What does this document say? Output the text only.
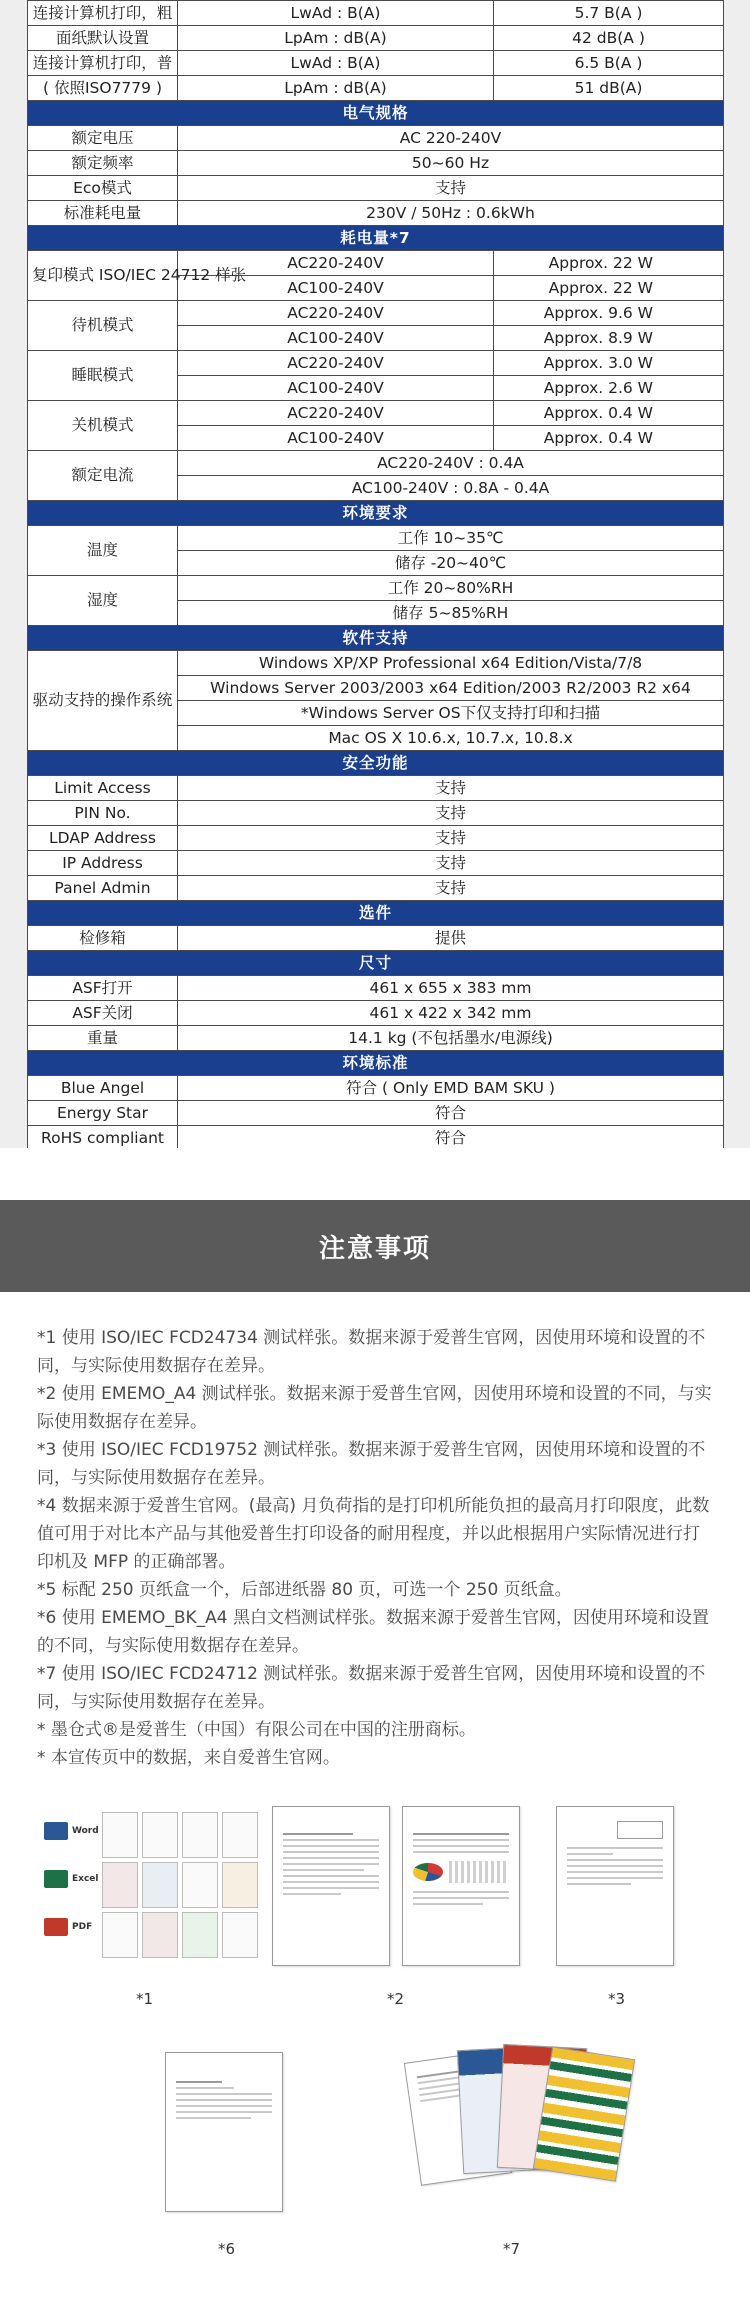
连接计算机打印，粗	LwAd : B(A)	5.7 B(A )
面纸默认设置	LpAm : dB(A)	42 dB(A )
连接计算机打印，普	LwAd : B(A)	6.5 B(A )
( 依照ISO7779 )	LpAm : dB(A)	51 dB(A)
电气规格		
额定电压	AC 220-240V	
额定频率	50~60 Hz	
Eco模式	支持	
标准耗电量	230V / 50Hz : 0.6kWh	
耗电量*7		
复印模式 ISO/IEC 24712 样张	AC220-240V	Approx. 22 W
	AC100-240V	Approx. 22 W
待机模式	AC220-240V	Approx. 9.6 W
	AC100-240V	Approx. 8.9 W
睡眠模式	AC220-240V	Approx. 3.0 W
	AC100-240V	Approx. 2.6 W
关机模式	AC220-240V	Approx. 0.4 W
	AC100-240V	Approx. 0.4 W
额定电流	AC220-240V : 0.4A	
	AC100-240V : 0.8A - 0.4A	
环境要求		
温度	工作 10~35℃	
	储存 -20~40℃	
湿度	工作 20~80%RH	
	储存 5~85%RH	
软件支持		
驱动支持的操作系统	Windows XP/XP Professional x64 Edition/Vista/7/8	
	Windows Server 2003/2003 x64 Edition/2003 R2/2003 R2 x64	
	*Windows Server OS下仅支持打印和扫描	
	Mac OS X 10.6.x, 10.7.x, 10.8.x	
安全功能		
Limit Access	支持	
PIN No.	支持	
LDAP Address	支持	
IP Address	支持	
Panel Admin	支持	
选件		
检修箱	提供	
尺寸		
ASF打开	461 x 655 x 383 mm	
ASF关闭	461 x 422 x 342 mm	
重量	14.1 kg (不包括墨水/电源线)	
环境标准		
Blue Angel	符合 ( Only EMD BAM SKU )	
Energy Star	符合	
RoHS compliant	符合	
注意事项

*1 使用 ISO/IEC FCD24734 测试样张。数据来源于爱普生官网，因使用环境和设置的不同，与实际使用数据存在差异。

*2 使用 EMEMO_A4 测试样张。数据来源于爱普生官网，因使用环境和设置的不同，与实际使用数据存在差异。

*3 使用 ISO/IEC FCD19752 测试样张。数据来源于爱普生官网，因使用环境和设置的不同，与实际使用数据存在差异。

*4 数据来源于爱普生官网。(最高) 月负荷指的是打印机所能负担的最高月打印限度，此数值可用于对比本产品与其他爱普生打印设备的耐用程度，并以此根据用户实际情况进行打印机及 MFP 的正确部署。

*5 标配 250 页纸盒一个，后部进纸器 80 页，可选一个 250 页纸盒。

*6 使用 EMEMO_BK_A4 黑白文档测试样张。数据来源于爱普生官网，因使用环境和设置的不同，与实际使用数据存在差异。

*7 使用 ISO/IEC FCD24712 测试样张。数据来源于爱普生官网，因使用环境和设置的不同，与实际使用数据存在差异。

* 墨仓式®是爱普生（中国）有限公司在中国的注册商标。

* 本宣传页中的数据，来自爱普生官网。

Word
Excel
PDF
*1	*2	*3
*6	*7
